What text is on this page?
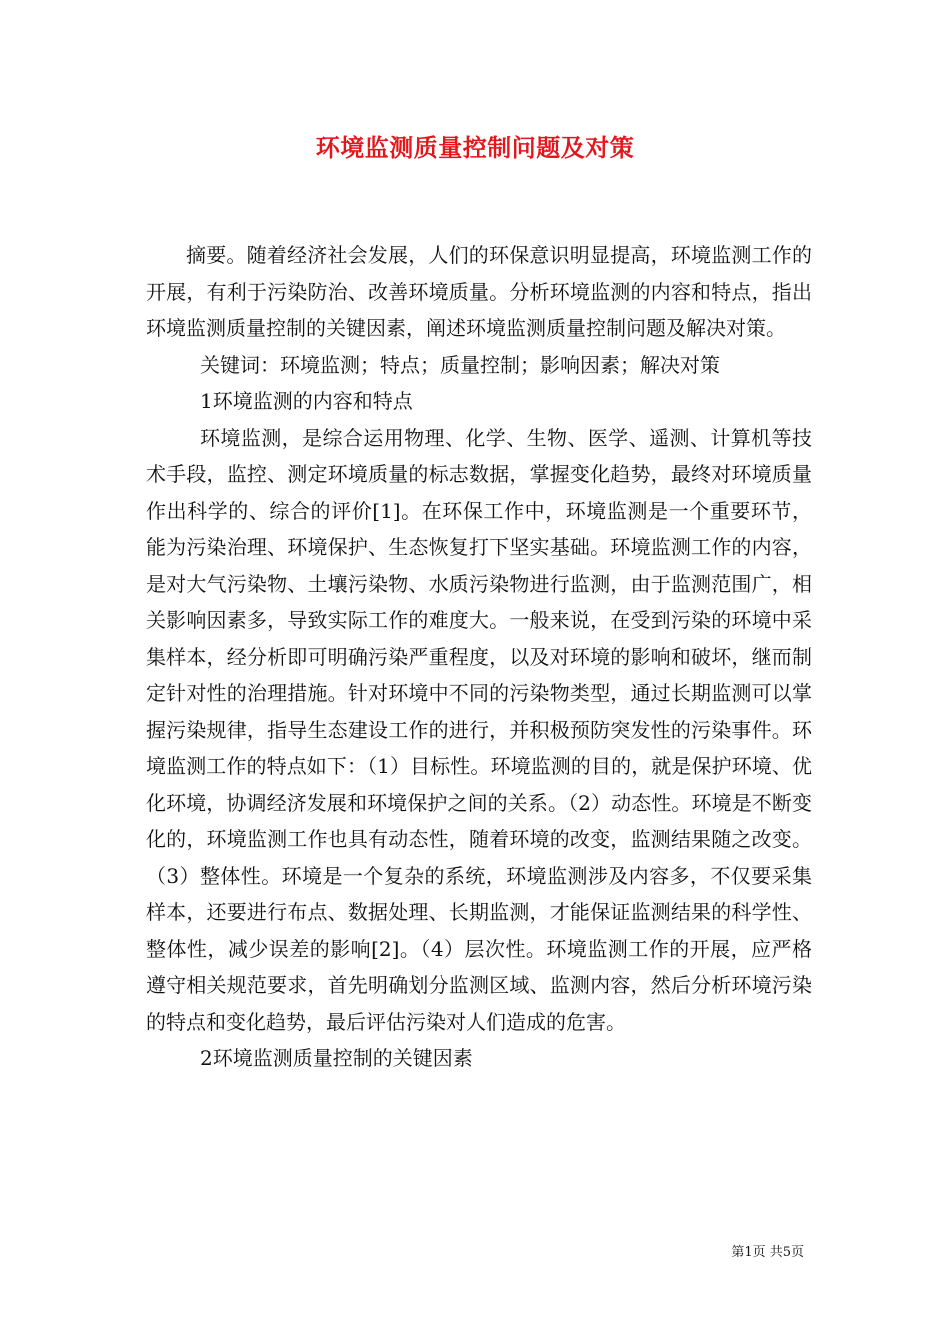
环境监测质量控制问题及对策

摘要。随着经济社会发展，人们的环保意识明显提高，环境监测工作的开展，有利于污染防治、改善环境质量。分析环境监测的内容和特点，指出环境监测质量控制的关键因素，阐述环境监测质量控制问题及解决对策。

关键词：环境监测；特点；质量控制；影响因素；解决对策

1环境监测的内容和特点

环境监测，是综合运用物理、化学、生物、医学、遥测、计算机等技术手段，监控、测定环境质量的标志数据，掌握变化趋势，最终对环境质量作出科学的、综合的评价[1]。在环保工作中，环境监测是一个重要环节，能为污染治理、环境保护、生态恢复打下坚实基础。环境监测工作的内容，是对大气污染物、土壤污染物、水质污染物进行监测，由于监测范围广，相关影响因素多，导致实际工作的难度大。一般来说，在受到污染的环境中采集样本，经分析即可明确污染严重程度，以及对环境的影响和破坏，继而制定针对性的治理措施。针对环境中不同的污染物类型，通过长期监测可以掌握污染规律，指导生态建设工作的进行，并积极预防突发性的污染事件。环境监测工作的特点如下：（1）目标性。环境监测的目的，就是保护环境、优化环境，协调经济发展和环境保护之间的关系。（2）动态性。环境是不断变化的，环境监测工作也具有动态性，随着环境的改变，监测结果随之改变。（3）整体性。环境是一个复杂的系统，环境监测涉及内容多，不仅要采集样本，还要进行布点、数据处理、长期监测，才能保证监测结果的科学性、整体性，减少误差的影响[2]。（4）层次性。环境监测工作的开展，应严格遵守相关规范要求，首先明确划分监测区域、监测内容，然后分析环境污染的特点和变化趋势，最后评估污染对人们造成的危害。

2环境监测质量控制的关键因素

第1页 共5页
